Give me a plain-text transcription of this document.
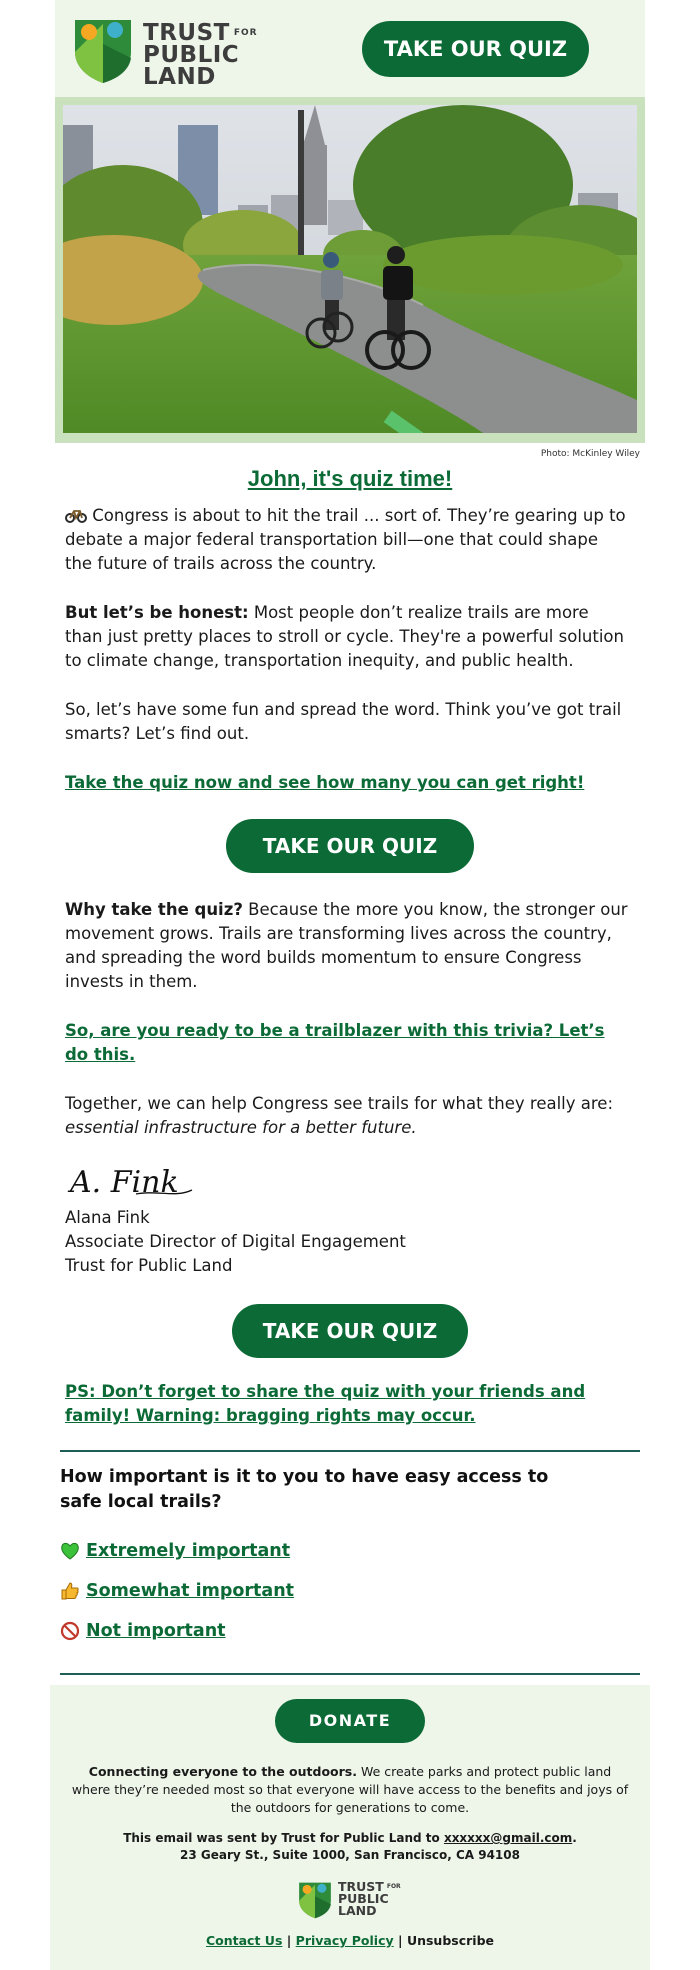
TRUST $^{FOR}$
PUBLIC
LAND
TAKE OUR QUIZ
Photo: McKinley Wiley
John, it's quiz time!
Congress is about to hit the trail ... sort of. They’re gearing up to debate a major federal transportation bill—one that could shape the future of trails across the country.
But let’s be honest: Most people don’t realize trails are more than just pretty places to stroll or cycle. They're a powerful solution to climate change, transportation inequity, and public health.
So, let’s have some fun and spread the word. Think you’ve got trail smarts? Let’s find out.
Take the quiz now and see how many you can get right!
TAKE OUR QUIZ
Why take the quiz? Because the more you know, the stronger our movement grows. Trails are transforming lives across the country, and spreading the word builds momentum to ensure Congress invests in them.
So, are you ready to be a trailblazer with this trivia? Let’s do this.
Together, we can help Congress see trails for what they really are: essential infrastructure for a better future.
A. Fink
Alana Fink
Associate Director of Digital Engagement
Trust for Public Land
TAKE OUR QUIZ
PS: Don’t forget to share the quiz with your friends and family! Warning: bragging rights may occur.
How important is it to you to have easy access to safe local trails?
Extremely important
Somewhat important
Not important
DONATE
Connecting everyone to the outdoors. We create parks and protect public land where they’re needed most so that everyone will have access to the benefits and joys of the outdoors for generations to come.
This email was sent by Trust for Public Land to xxxxxx@gmail.com.
23 Geary St., Suite 1000, San Francisco, CA 94108
TRUST $^{FOR}$
PUBLIC
LAND
Contact Us | Privacy Policy | Unsubscribe
